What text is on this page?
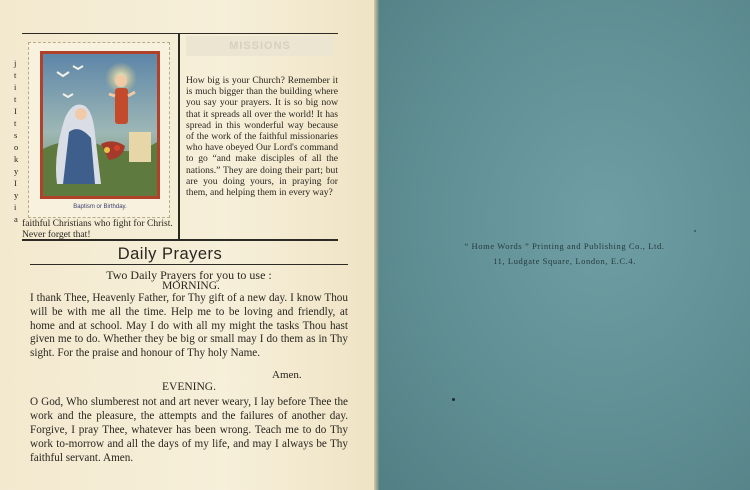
j
t
i
t
I
t
s
o
k
y
I
y
i
a
Baptism or Birthday.
MISSIONS
How big is your Church? Remember it is much bigger than the building where you say your prayers. It is so big now that it spreads all over the world! It has spread in this wonderful way because of the work of the faithful missionaries who have obeyed Our Lord's command to go “and make disciples of all the nations.” They are doing their part; but are you doing yours, in praying for them, and helping them in every way?
faithful Christians who fight for Christ. Never forget that!
Daily Prayers
Two Daily Prayers for you to use :
MORNING.
I thank Thee, Heavenly Father, for Thy gift of a new day. I know Thou will be with me all the time. Help me to be loving and friendly, at home and at school. May I do with all my might the tasks Thou hast given me to do. Whether they be big or small may I do them as in Thy sight. For the praise and honour of Thy holy Name.
Amen.
EVENING.
O God, Who slumberest not and art never weary, I lay before Thee the work and the pleasure, the attempts and the failures of another day. Forgive, I pray Thee, whatever has been wrong. Teach me to do Thy work to-morrow and all the days of my life, and may I always be Thy faithful servant. Amen.
“ Home Words ” Printing and Publishing Co., Ltd.
11, Ludgate Square, London, E.C.4.
